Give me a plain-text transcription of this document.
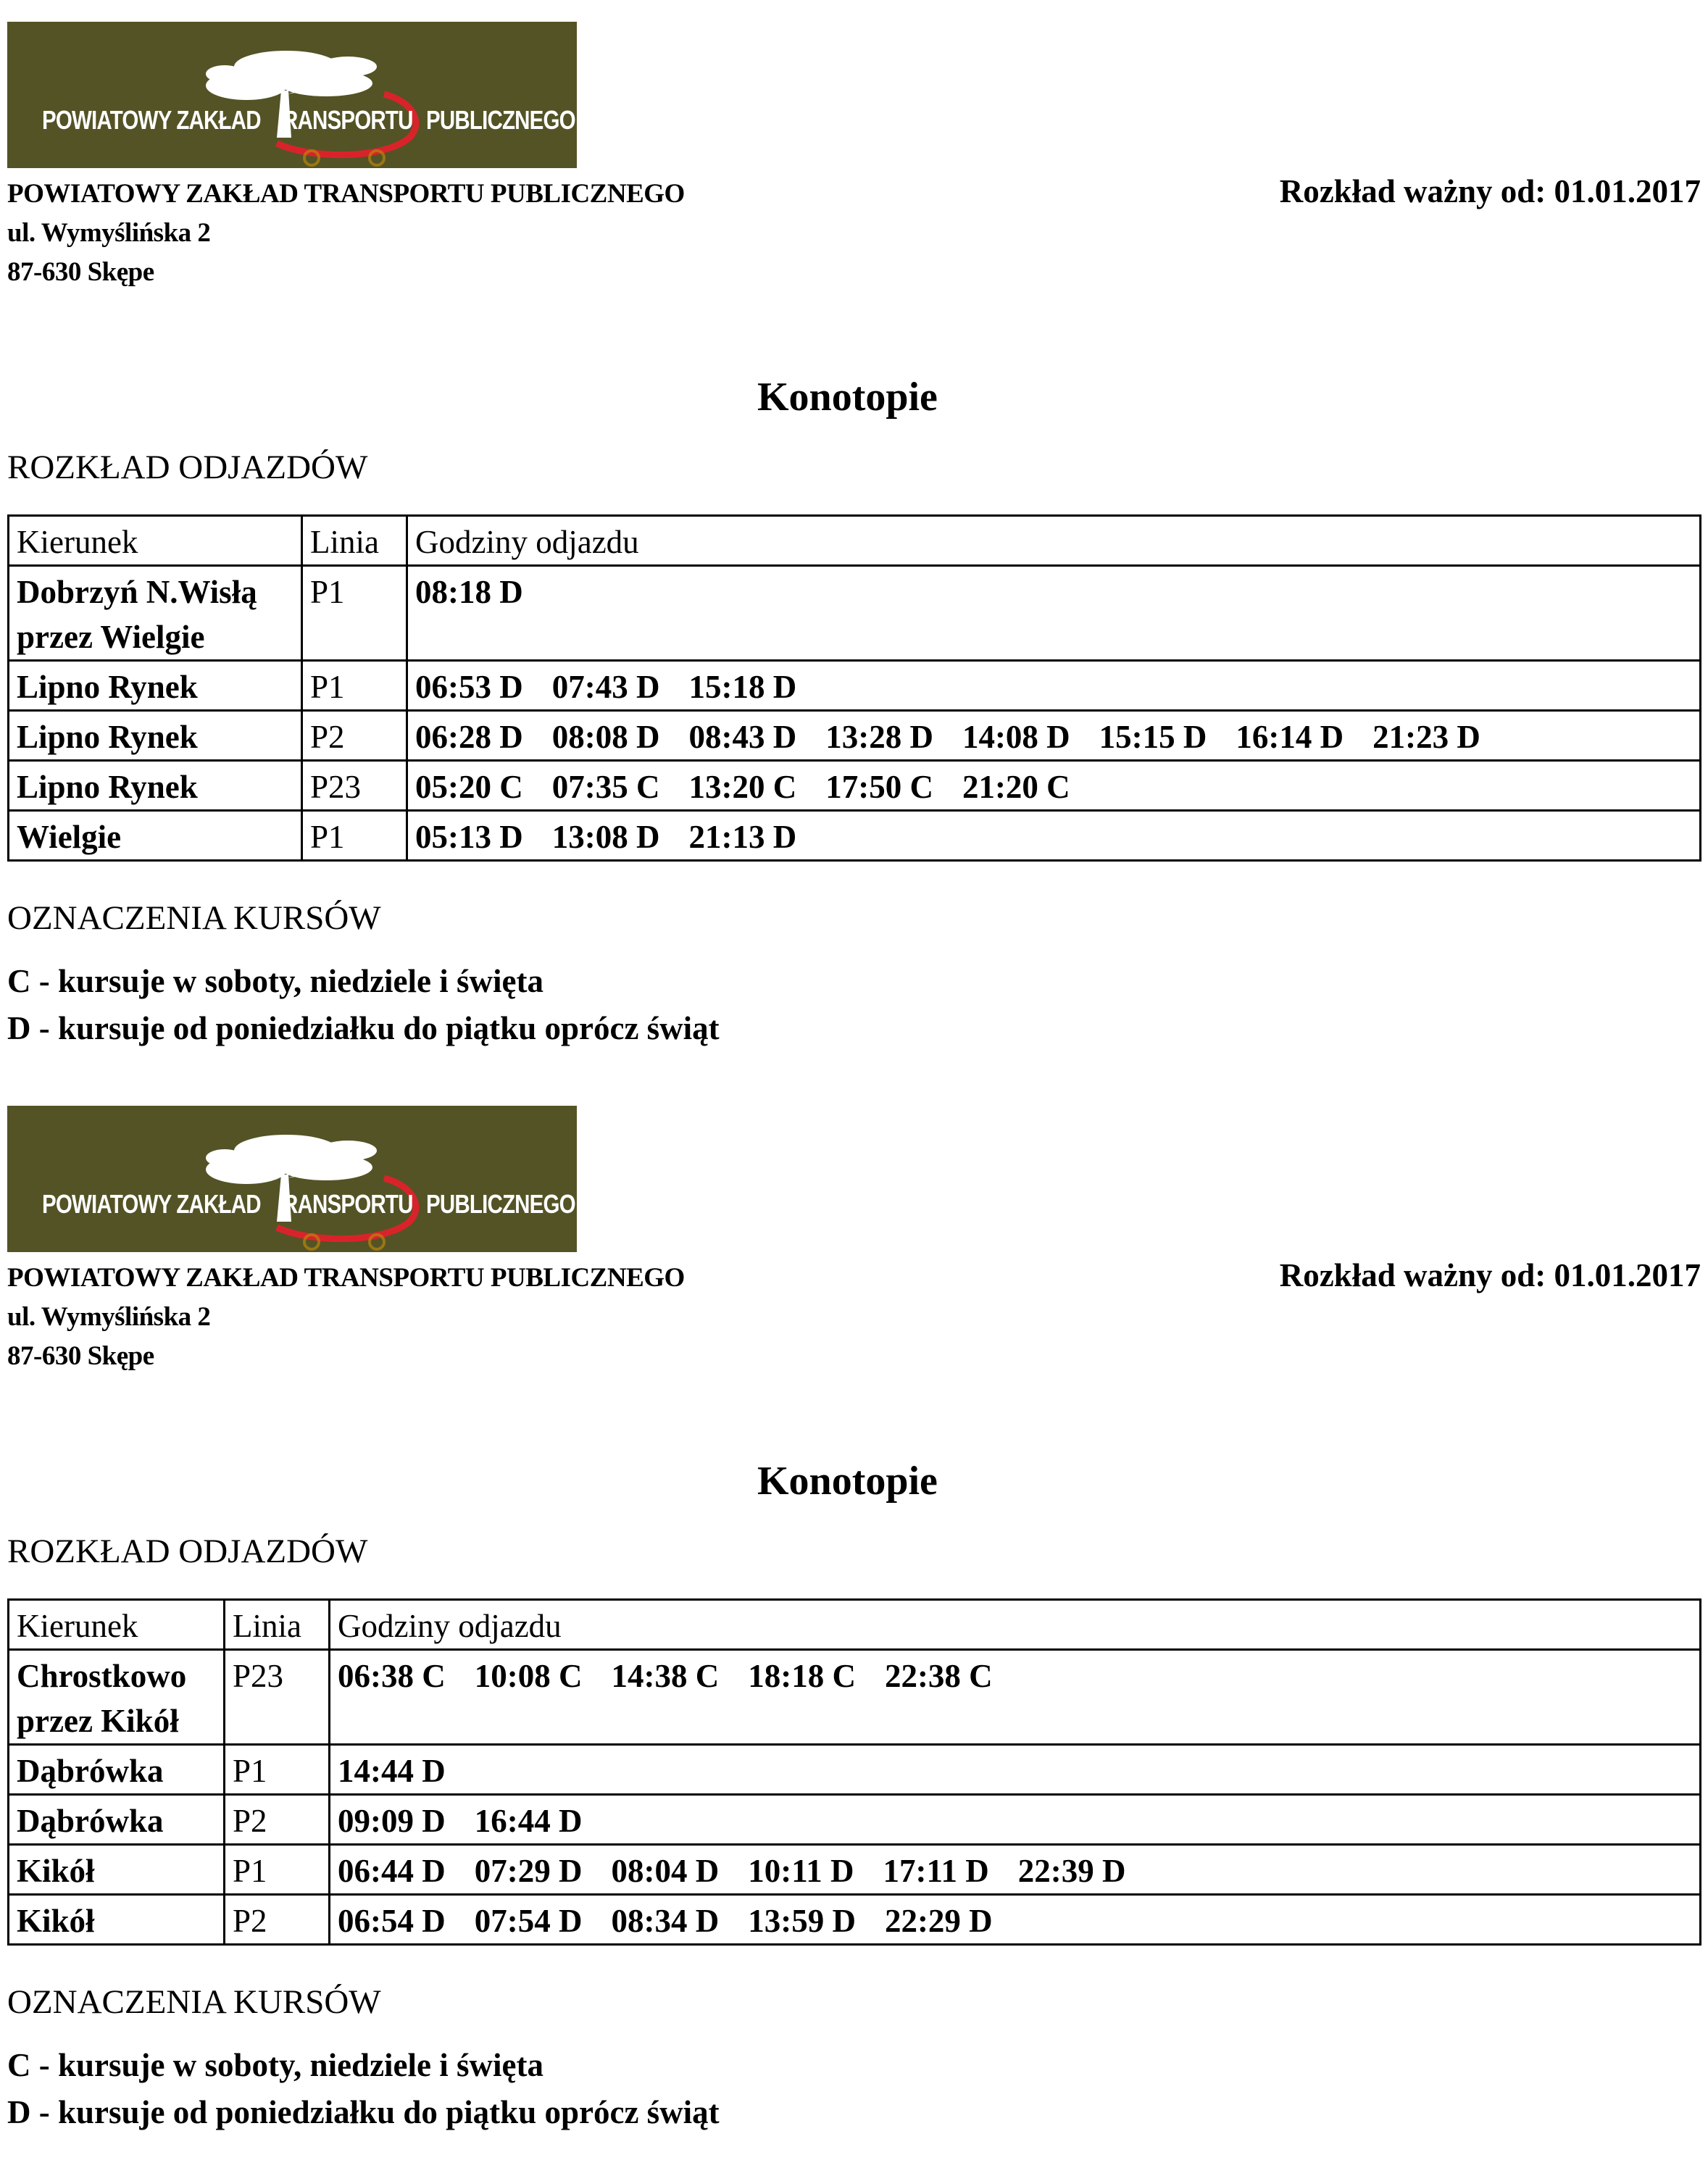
POWIATOWY ZAKŁAD RANSPORTU PUBLICZNEGO
POWIATOWY ZAKŁAD TRANSPORTU PUBLICZNEGO
ul. Wymyślińska 2
87-630 Skępe
Rozkład ważny od: 01.01.2017
Konotopie
ROZKŁAD ODJAZDÓW
Kierunek	Linia	Godziny odjazdu
Dobrzyń N.Wisłą
przez Wielgie	P1	08:18 D
Lipno Rynek	P1	06:53 D 07:43 D 15:18 D
Lipno Rynek	P2	06:28 D 08:08 D 08:43 D 13:28 D 14:08 D 15:15 D 16:14 D 21:23 D
Lipno Rynek	P23	05:20 C 07:35 C 13:20 C 17:50 C 21:20 C
Wielgie	P1	05:13 D 13:08 D 21:13 D
OZNACZENIA KURSÓW
C - kursuje w soboty, niedziele i święta
D - kursuje od poniedziałku do piątku oprócz świąt
POWIATOWY ZAKŁAD RANSPORTU PUBLICZNEGO
POWIATOWY ZAKŁAD TRANSPORTU PUBLICZNEGO
ul. Wymyślińska 2
87-630 Skępe
Rozkład ważny od: 01.01.2017
Konotopie
ROZKŁAD ODJAZDÓW
Kierunek	Linia	Godziny odjazdu
Chrostkowo
przez Kikół	P23	06:38 C 10:08 C 14:38 C 18:18 C 22:38 C
Dąbrówka	P1	14:44 D
Dąbrówka	P2	09:09 D 16:44 D
Kikół	P1	06:44 D 07:29 D 08:04 D 10:11 D 17:11 D 22:39 D
Kikół	P2	06:54 D 07:54 D 08:34 D 13:59 D 22:29 D
OZNACZENIA KURSÓW
C - kursuje w soboty, niedziele i święta
D - kursuje od poniedziałku do piątku oprócz świąt
